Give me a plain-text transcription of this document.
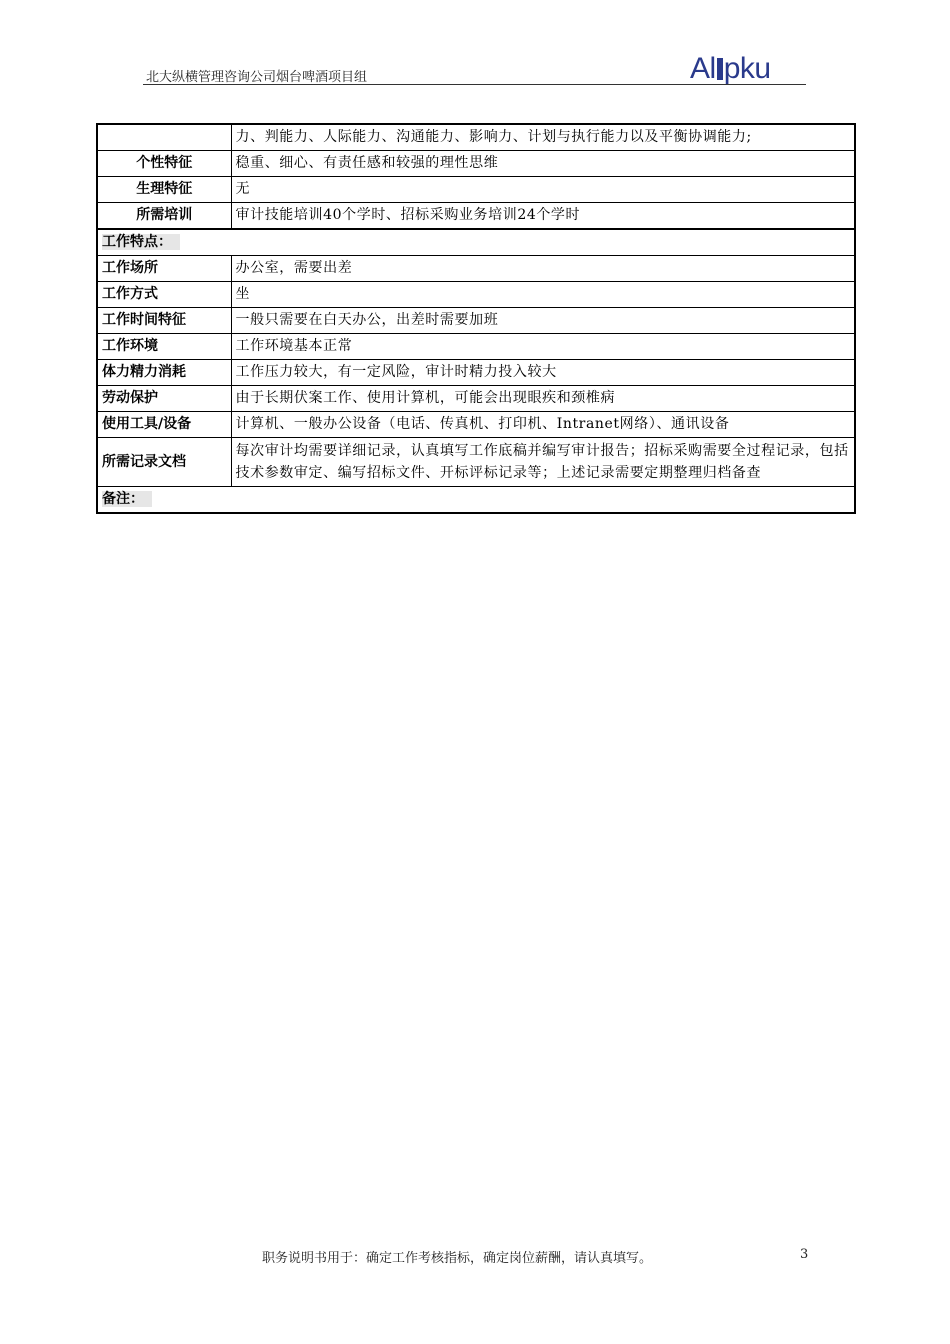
北大纵横管理咨询公司烟台啤酒项目组	Al pku
	力、判能力、人际能力、沟通能力、影响力、计划与执行能力以及平衡协调能力;
个性特征	稳重、细心、有责任感和较强的理性思维
生理特征	无
所需培训	审计技能培训40个学时、招标采购业务培训24个学时
工作特点：	
工作场所	办公室，需要出差
工作方式	坐
工作时间特征	一般只需要在白天办公，出差时需要加班
工作环境	工作环境基本正常
体力精力消耗	工作压力较大，有一定风险，审计时精力投入较大
劳动保护	由于长期伏案工作、使用计算机，可能会出现眼疾和颈椎病
使用工具/设备	计算机、一般办公设备（电话、传真机、打印机、Intranet网络）、通讯设备
所需记录文档	每次审计均需要详细记录，认真填写工作底稿并编写审计报告；招标采购需要全过程记录，包括技术参数审定、编写招标文件、开标评标记录等；上述记录需要定期整理归档备查
备注：	
职务说明书用于：确定工作考核指标，确定岗位薪酬，请认真填写。	3
